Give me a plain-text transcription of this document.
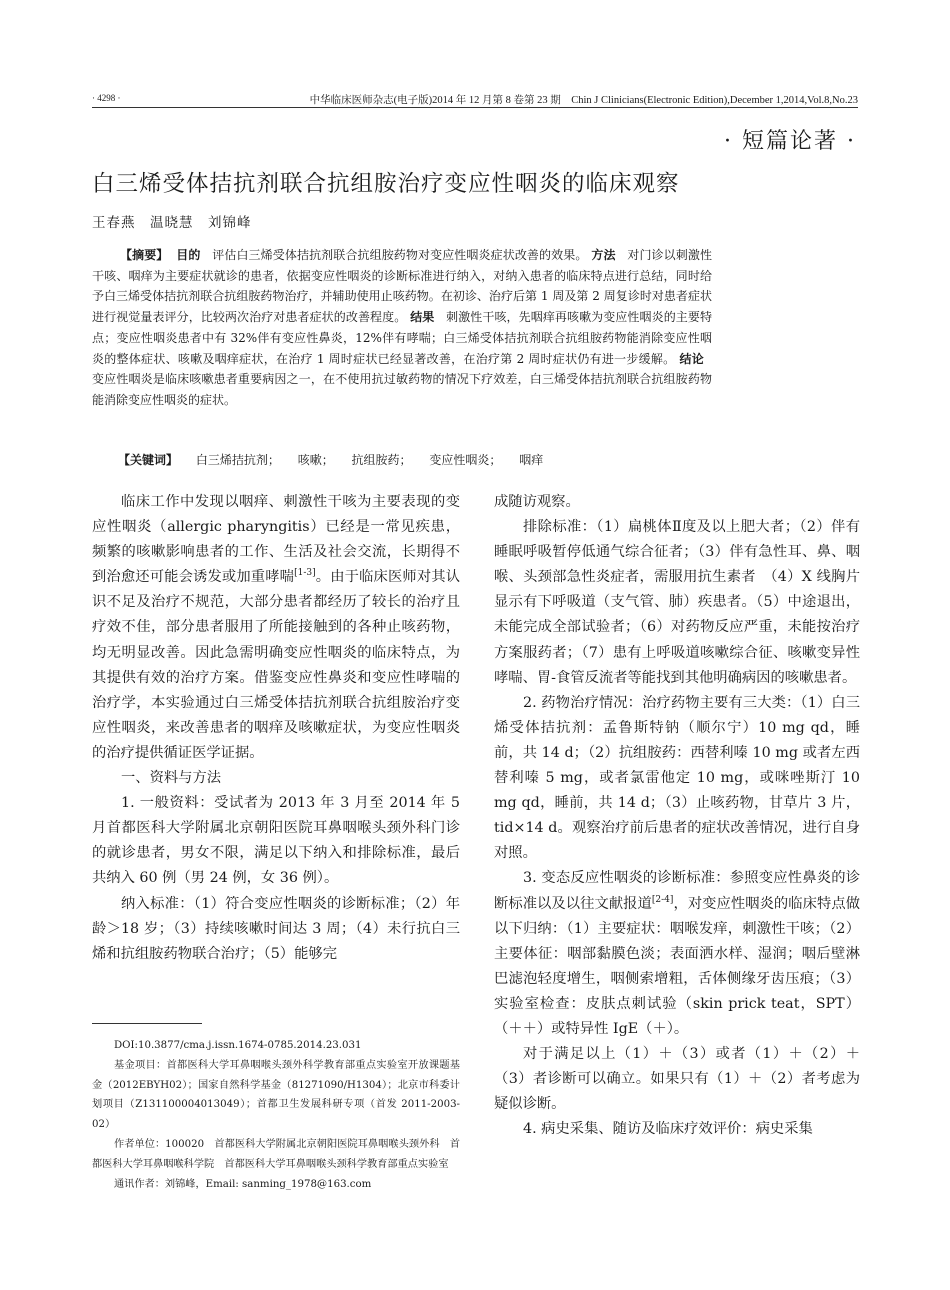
· 4298 ·	中华临床医师杂志(电子版)2014 年 12 月第 8 卷第 23 期　Chin J Clinicians(Electronic Edition),December 1,2014,Vol.8,No.23
· 短篇论著 ·
白三烯受体拮抗剂联合抗组胺治疗变应性咽炎的临床观察
王春燕　温晓慧　刘锦峰

【摘要】 目的 评估白三烯受体拮抗剂联合抗组胺药物对变应性咽炎症状改善的效果。 方法 对门诊以刺激性干咳、咽痒为主要症状就诊的患者，依据变应性咽炎的诊断标准进行纳入，对纳入患者的临床特点进行总结，同时给予白三烯受体拮抗剂联合抗组胺药物治疗，并辅助使用止咳药物。在初诊、治疗后第 1 周及第 2 周复诊时对患者症状进行视觉量表评分，比较两次治疗对患者症状的改善程度。 结果 刺激性干咳，先咽痒再咳嗽为变应性咽炎的主要特点；变应性咽炎患者中有 32%伴有变应性鼻炎，12%伴有哮喘；白三烯受体拮抗剂联合抗组胺药物能消除变应性咽炎的整体症状、咳嗽及咽痒症状，在治疗 1 周时症状已经显著改善，在治疗第 2 周时症状仍有进一步缓解。 结论   变应性咽炎是临床咳嗽患者重要病因之一，在不使用抗过敏药物的情况下疗效差，白三烯受体拮抗剂联合抗组胺药物能消除变应性咽炎的症状。

【关键词】 白三烯拮抗剂； 咳嗽； 抗组胺药； 变应性咽炎； 咽痒

临床工作中发现以咽痒、刺激性干咳为主要表现的变应性咽炎（allergic pharyngitis）已经是一常见疾患，频繁的咳嗽影响患者的工作、生活及社会交流，长期得不到治愈还可能会诱发或加重哮喘[1-3]。由于临床医师对其认识不足及治疗不规范，大部分患者都经历了较长的治疗且疗效不佳，部分患者服用了所能接触到的各种止咳药物，均无明显改善。因此急需明确变应性咽炎的临床特点，为其提供有效的治疗方案。借鉴变应性鼻炎和变应性哮喘的治疗学，本实验通过白三烯受体拮抗剂联合抗组胺治疗变应性咽炎，来改善患者的咽痒及咳嗽症状，为变应性咽炎的治疗提供循证医学证据。

一、资料与方法

1. 一般资料：受试者为 2013 年 3 月至 2014 年 5 月首都医科大学附属北京朝阳医院耳鼻咽喉头颈外科门诊的就诊患者，男女不限，满足以下纳入和排除标准，最后共纳入 60 例（男 24 例，女 36 例）。

纳入标准：（1）符合变应性咽炎的诊断标准；（2）年龄＞18 岁；（3）持续咳嗽时间达 3 周；（4）未行抗白三烯和抗组胺药物联合治疗；（5）能够完

DOI:10.3877/cma.j.issn.1674-0785.2014.23.031

基金项目：首都医科大学耳鼻咽喉头颈外科学教育部重点实验室开放课题基金（2012EBYH02）；国家自然科学基金（81271090/H1304）；北京市科委计划项目（Z131100004013049）；首都卫生发展科研专项（首发 2011-2003-02）

作者单位：100020　首都医科大学附属北京朝阳医院耳鼻咽喉头颈外科　首都医科大学耳鼻咽喉科学院　首都医科大学耳鼻咽喉头颈科学教育部重点实验室

通讯作者：刘锦峰，Email: sanming_1978@163.com

成随访观察。

排除标准：（1）扁桃体Ⅱ度及以上肥大者；（2）伴有睡眠呼吸暂停低通气综合征者；（3）伴有急性耳、鼻、咽喉、头颈部急性炎症者，需服用抗生素者　（4）X 线胸片显示有下呼吸道（支气管、肺）疾患者。（5）中途退出，未能完成全部试验者；（6）对药物反应严重，未能按治疗方案服药者；（7）患有上呼吸道咳嗽综合征、咳嗽变异性哮喘、胃-食管反流者等能找到其他明确病因的咳嗽患者。

2. 药物治疗情况：治疗药物主要有三大类：（1）白三烯受体拮抗剂：孟鲁斯特钠（顺尔宁）10 mg qd，睡前，共 14 d；（2）抗组胺药：西替利嗪 10 mg 或者左西替利嗪 5 mg，或者氯雷他定 10 mg，或咪唑斯汀 10 mg qd，睡前，共 14 d；（3）止咳药物，甘草片 3 片，tid×14 d。观察治疗前后患者的症状改善情况，进行自身对照。

3. 变态反应性咽炎的诊断标准：参照变应性鼻炎的诊断标准以及以往文献报道[2-4]，对变应性咽炎的临床特点做以下归纳：（1）主要症状：咽喉发痒，刺激性干咳；（2）主要体征：咽部黏膜色淡；表面洒水样、湿润；咽后壁淋巴滤泡轻度增生，咽侧索增粗，舌体侧缘牙齿压痕；（3）实验室检查：皮肤点刺试验（skin prick teat，SPT）（＋＋）或特异性 IgE（＋）。

对于满足以上（1）＋（3）或者（1）＋（2）＋（3）者诊断可以确立。如果只有（1）＋（2）者考虑为疑似诊断。

4. 病史采集、随访及临床疗效评价：病史采集
